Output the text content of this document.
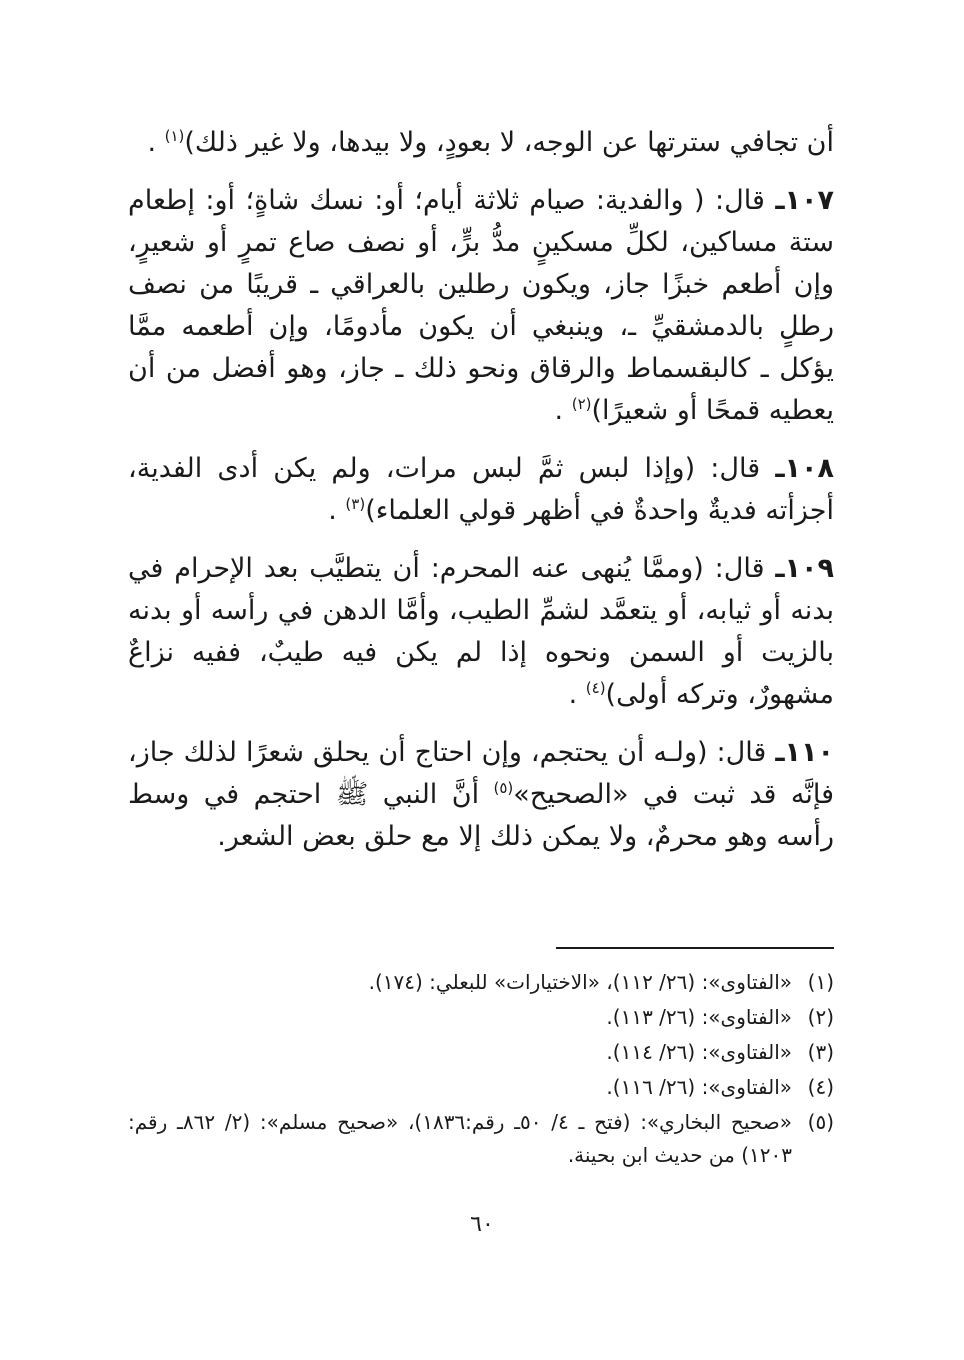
أن تجافي سترتها عن الوجه، لا بعودٍ، ولا بيدها، ولا غير ذلك)$^{(١)}$ .

١٠٧ـ قال: ( والفدية: صيام ثلاثة أيام؛ أو: نسك شاةٍ؛ أو: إطعام ستة مساكين، لكلِّ مسكينٍ مدُّ برٍّ، أو نصف صاع تمرٍ أو شعيرٍ، وإن أطعم خبزًا جاز، ويكون رطلين بالعراقي ـ قريبًا من نصف رطلٍ بالدمشقيِّ ـ، وينبغي أن يكون مأدومًا، وإن أطعمه ممَّا يؤكل ـ كالبقسماط والرقاق ونحو ذلك ـ جاز، وهو أفضل من أن يعطيه قمحًا أو شعيرًا)$^{(٢)}$ .

١٠٨ـ قال: (وإذا لبس ثمَّ لبس مرات، ولم يكن أدى الفدية، أجزأته فديةٌ واحدةٌ في أظهر قولي العلماء)$^{(٣)}$ .

١٠٩ـ قال: (وممَّا يُنهى عنه المحرم: أن يتطيَّب بعد الإحرام في بدنه أو ثيابه، أو يتعمَّد لشمِّ الطيب، وأمَّا الدهن في رأسه أو بدنه بالزيت أو السمن ونحوه إذا لم يكن فيه طيبٌ، ففيه نزاعٌ مشهورٌ، وتركه أولى)$^{(٤)}$ .

١١٠ـ قال: (ولـه أن يحتجم، وإن احتاج أن يحلق شعرًا لذلك جاز، فإنَّه قد ثبت في «الصحيح»$^{(٥)}$ أنَّ النبي ﷺ احتجم في وسط رأسه وهو محرمٌ، ولا يمكن ذلك إلا مع حلق بعض الشعر.

(١)
«الفتاوى»: (٢٦/ ١١٢)، «الاختيارات» للبعلي: (١٧٤).
(٢)
«الفتاوى»: (٢٦/ ١١٣).
(٣)
«الفتاوى»: (٢٦/ ١١٤).
(٤)
«الفتاوى»: (٢٦/ ١١٦).
(٥)
«صحيح البخاري»: (فتح ـ ٤/ ٥٠ـ رقم:١٨٣٦)، «صحيح مسلم»: (٢/ ٨٦٢ـ رقم: ١٢٠٣) من حديث ابن بحينة.
٦٠
